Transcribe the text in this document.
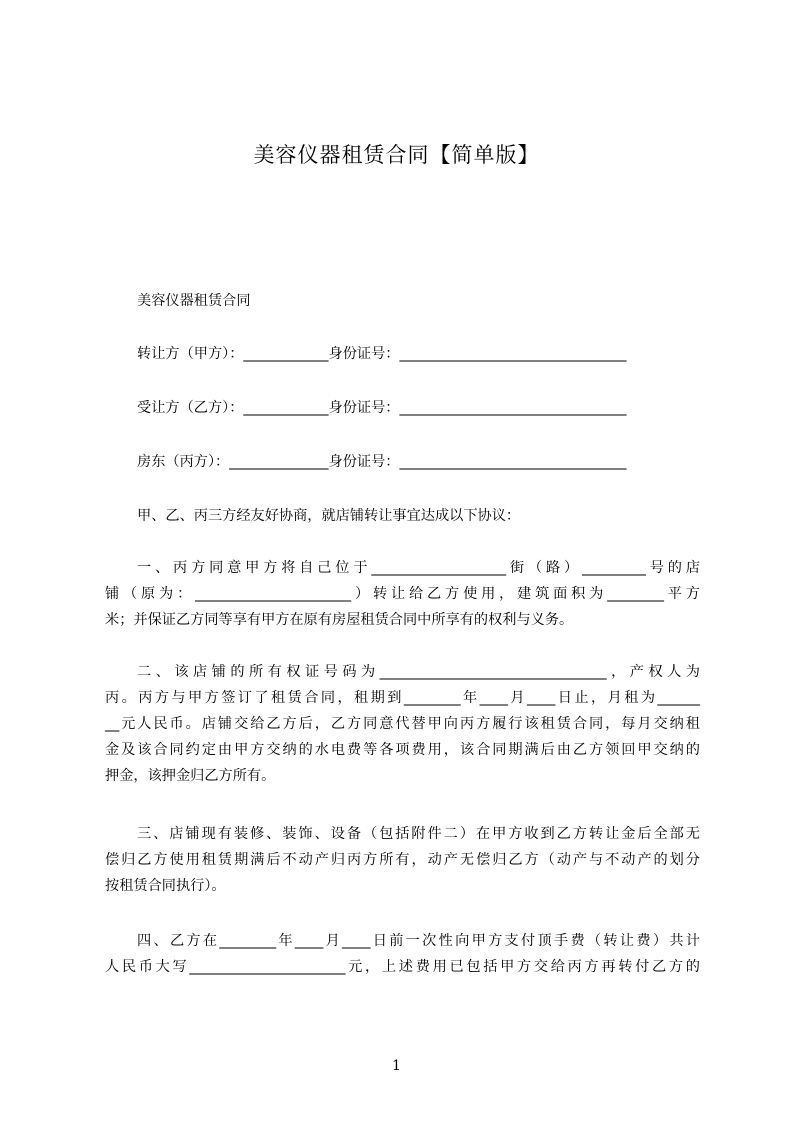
美容仪器租赁合同【简单版】

美容仪器租赁合同

转让方（甲方）：____________身份证号：________________________________

受让方（乙方）：____________身份证号：________________________________

房东（丙方）：______________身份证号：________________________________

甲、乙、丙三方经友好协商，就店铺转让事宜达成以下协议：

一、丙方同意甲方将自己位于___________________街（路）_________号的店

铺（原为：______________________）转让给乙方使用，建筑面积为________平方

米；并保证乙方同等享有甲方在原有房屋租赁合同中所享有的权利与义务。

二、该店铺的所有权证号码为________________________________，产权人为

丙。丙方与甲方签订了租赁合同，租期到________年____月____日止，月租为______

__元人民币。店铺交给乙方后，乙方同意代替甲向丙方履行该租赁合同，每月交纳租

金及该合同约定由甲方交纳的水电费等各项费用，该合同期满后由乙方领回甲交纳的

押金，该押金归乙方所有。

三、店铺现有装修、装饰、设备（包括附件二）在甲方收到乙方转让金后全部无

偿归乙方使用租赁期满后不动产归丙方所有，动产无偿归乙方（动产与不动产的划分

按租赁合同执行）。

四、乙方在________年____月____日前一次性向甲方支付顶手费（转让费）共计

人民币大写______________________元，上述费用已包括甲方交给丙方再转付乙方的

1
